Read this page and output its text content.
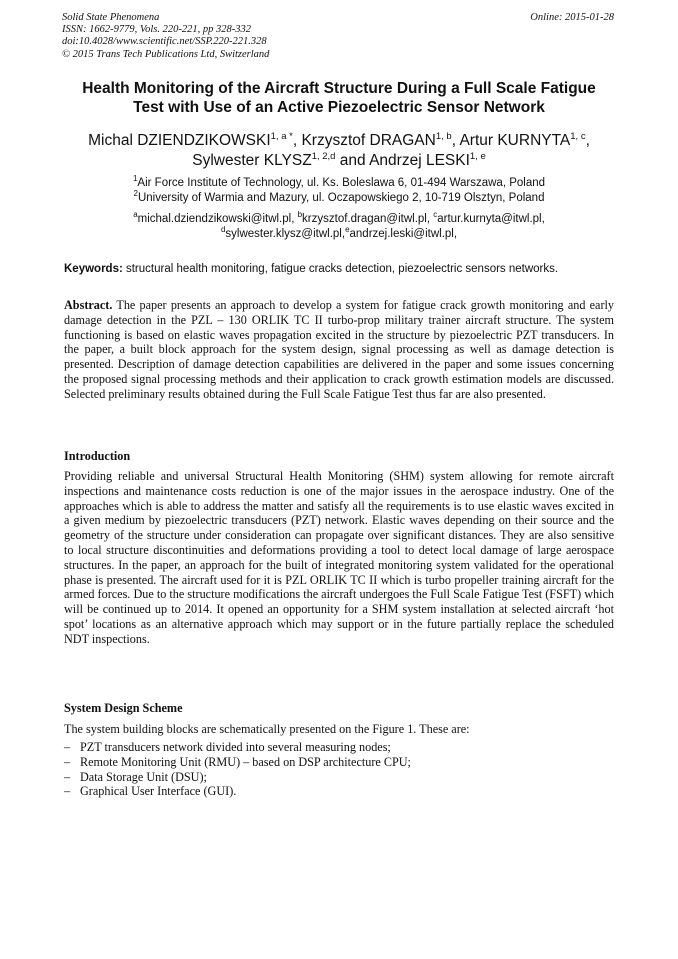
Solid State Phenomena
ISSN: 1662-9779, Vols. 220-221, pp 328-332
doi:10.4028/www.scientific.net/SSP.220-221.328
© 2015 Trans Tech Publications Ltd, Switzerland
Online: 2015-01-28
Health Monitoring of the Aircraft Structure During a Full Scale Fatigue
Test with Use of an Active Piezoelectric Sensor Network
Michal $DZIENDZIKOWSKI^{1, a *}$, Krzysztof DRAGAN$^{1, b}$, Artur KURNYTA$^{1, c}$,
Sylwester KLYSZ$^{1, 2,d}$ and Andrzej LESKI$^{1, e}$
$^1$Air Force Institute of Technology, ul. Ks. Boleslawa 6, 01-494 Warszawa, Poland
$^2$University of Warmia and Mazury, ul. Oczapowskiego 2, 10-719 Olsztyn, Poland
$^a$michal.dziendzikowski@itwl.pl, $^b$krzysztof.dragan@itwl.pl, $^c$artur.kurnyta@itwl.pl,
$^d$sylwester.klysz@itwl.pl,$^e$andrzej.leski@itwl.pl,
Keywords: structural health monitoring, fatigue cracks detection, piezoelectric sensors networks.
Abstract. The paper presents an approach to develop a system for fatigue crack growth monitoring and early damage detection in the PZL – 130 ORLIK TC II turbo-prop military trainer aircraft structure. The system functioning is based on elastic waves propagation excited in the structure by piezoelectric PZT transducers. In the paper, a built block approach for the system design, signal processing as well as damage detection is presented. Description of damage detection capabilities are delivered in the paper and some issues concerning the proposed signal processing methods and their application to crack growth estimation models are discussed. Selected preliminary results obtained during the Full Scale Fatigue Test thus far are also presented.
Introduction
Providing reliable and universal Structural Health Monitoring (SHM) system allowing for remote aircraft inspections and maintenance costs reduction is one of the major issues in the aerospace industry. One of the approaches which is able to address the matter and satisfy all the requirements is to use elastic waves excited in a given medium by piezoelectric transducers (PZT) network. Elastic waves depending on their source and the geometry of the structure under consideration can propagate over significant distances. They are also sensitive to local structure discontinuities and deformations providing a tool to detect local damage of large aerospace structures. In the paper, an approach for the built of integrated monitoring system validated for the operational phase is presented. The aircraft used for it is PZL ORLIK TC II which is turbo propeller training aircraft for the armed forces. Due to the structure modifications the aircraft undergoes the Full Scale Fatigue Test (FSFT) which will be continued up to 2014. It opened an opportunity for a SHM system installation at selected aircraft ‘hot spot’ locations as an alternative approach which may support or in the future partially replace the scheduled NDT inspections.
System Design Scheme
The system building blocks are schematically presented on the Figure 1. These are:
– PZT transducers network divided into several measuring nodes;
– Remote Monitoring Unit (RMU) – based on DSP architecture CPU;
– Data Storage Unit (DSU);
– Graphical User Interface (GUI).
